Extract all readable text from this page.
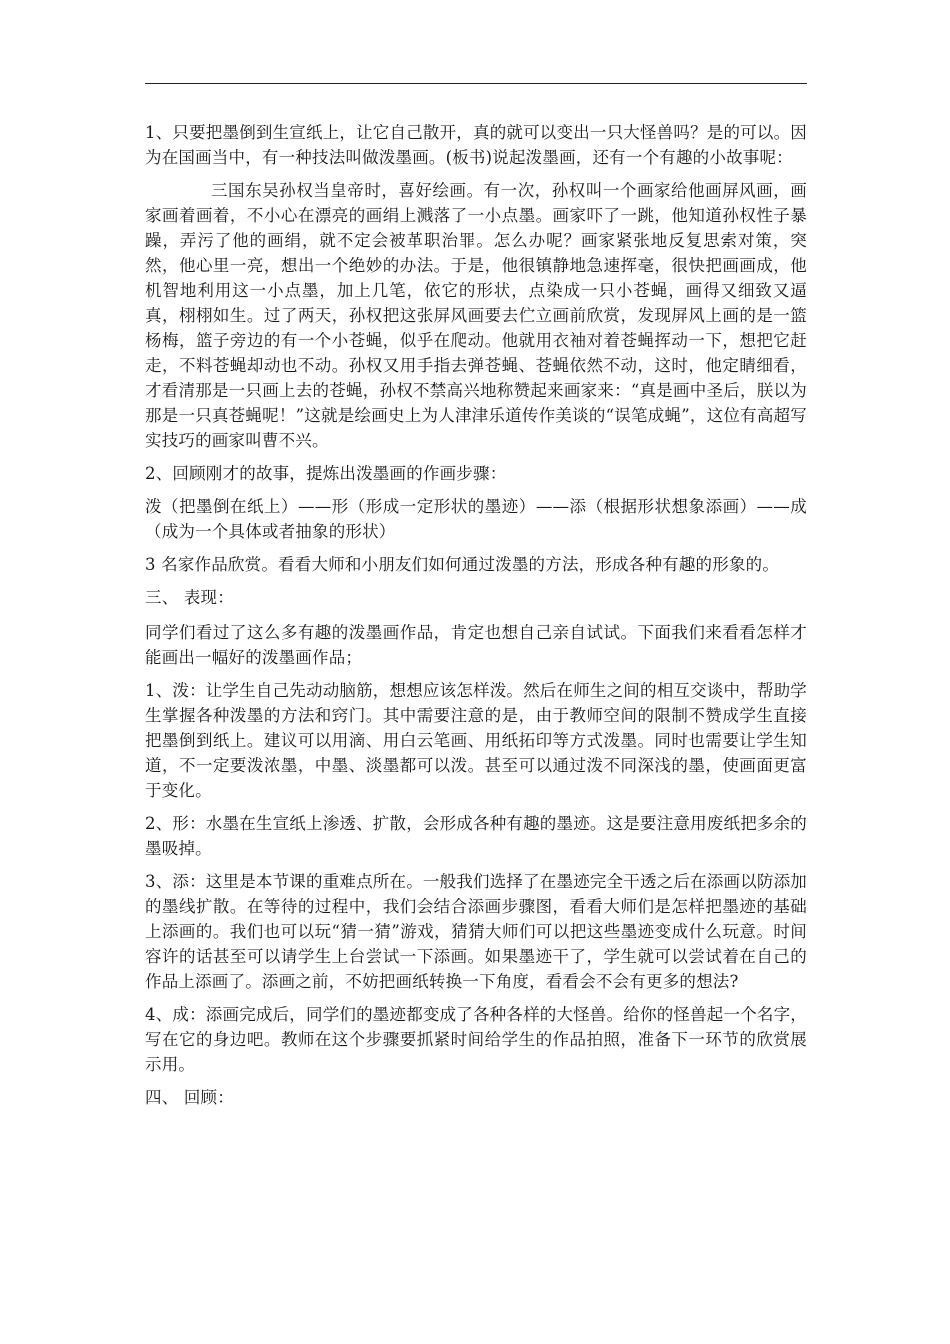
1、只要把墨倒到生宣纸上，让它自己散开，真的就可以变出一只大怪兽吗？是的可以。因为在国画当中，有一种技法叫做泼墨画。(板书)说起泼墨画，还有一个有趣的小故事呢：

三国东吴孙权当皇帝时，喜好绘画。有一次，孙权叫一个画家给他画屏风画，画家画着画着，不小心在漂亮的画绢上溅落了一小点墨。画家吓了一跳，他知道孙权性子暴躁，弄污了他的画绢，就不定会被革职治罪。怎么办呢？画家紧张地反复思索对策，突然，他心里一亮，想出一个绝妙的办法。于是，他很镇静地急速挥毫，很快把画画成，他机智地利用这一小点墨，加上几笔，依它的形状，点染成一只小苍蝇，画得又细致又逼真，栩栩如生。过了两天，孙权把这张屏风画要去伫立画前欣赏，发现屏风上画的是一篮杨梅，篮子旁边的有一个小苍蝇，似乎在爬动。他就用衣袖对着苍蝇挥动一下，想把它赶走，不料苍蝇却动也不动。孙权又用手指去弹苍蝇、苍蝇依然不动，这时，他定睛细看，才看清那是一只画上去的苍蝇，孙权不禁高兴地称赞起来画家来：“真是画中圣后，朕以为那是一只真苍蝇呢！”这就是绘画史上为人津津乐道传作美谈的“误笔成蝇”，这位有高超写实技巧的画家叫曹不兴。

2、回顾刚才的故事，提炼出泼墨画的作画步骤：

泼（把墨倒在纸上）——形（形成一定形状的墨迹）——添（根据形状想象添画）——成（成为一个具体或者抽象的形状）

3 名家作品欣赏。看看大师和小朋友们如何通过泼墨的方法，形成各种有趣的形象的。

三、 表现：

同学们看过了这么多有趣的泼墨画作品，肯定也想自己亲自试试。下面我们来看看怎样才能画出一幅好的泼墨画作品；

1、泼：让学生自己先动动脑筋，想想应该怎样泼。然后在师生之间的相互交谈中，帮助学生掌握各种泼墨的方法和窍门。其中需要注意的是，由于教师空间的限制不赞成学生直接把墨倒到纸上。建议可以用滴、用白云笔画、用纸拓印等方式泼墨。同时也需要让学生知道，不一定要泼浓墨，中墨、淡墨都可以泼。甚至可以通过泼不同深浅的墨，使画面更富于变化。

2、形：水墨在生宣纸上渗透、扩散，会形成各种有趣的墨迹。这是要注意用废纸把多余的墨吸掉。

3、添：这里是本节课的重难点所在。一般我们选择了在墨迹完全干透之后在添画以防添加的墨线扩散。在等待的过程中，我们会结合添画步骤图，看看大师们是怎样把墨迹的基础上添画的。我们也可以玩“猜一猜”游戏，猜猜大师们可以把这些墨迹变成什么玩意。时间容许的话甚至可以请学生上台尝试一下添画。如果墨迹干了，学生就可以尝试着在自己的作品上添画了。添画之前，不妨把画纸转换一下角度，看看会不会有更多的想法?

4、成：添画完成后，同学们的墨迹都变成了各种各样的大怪兽。给你的怪兽起一个名字，写在它的身边吧。教师在这个步骤要抓紧时间给学生的作品拍照，准备下一环节的欣赏展示用。

四、 回顾：
